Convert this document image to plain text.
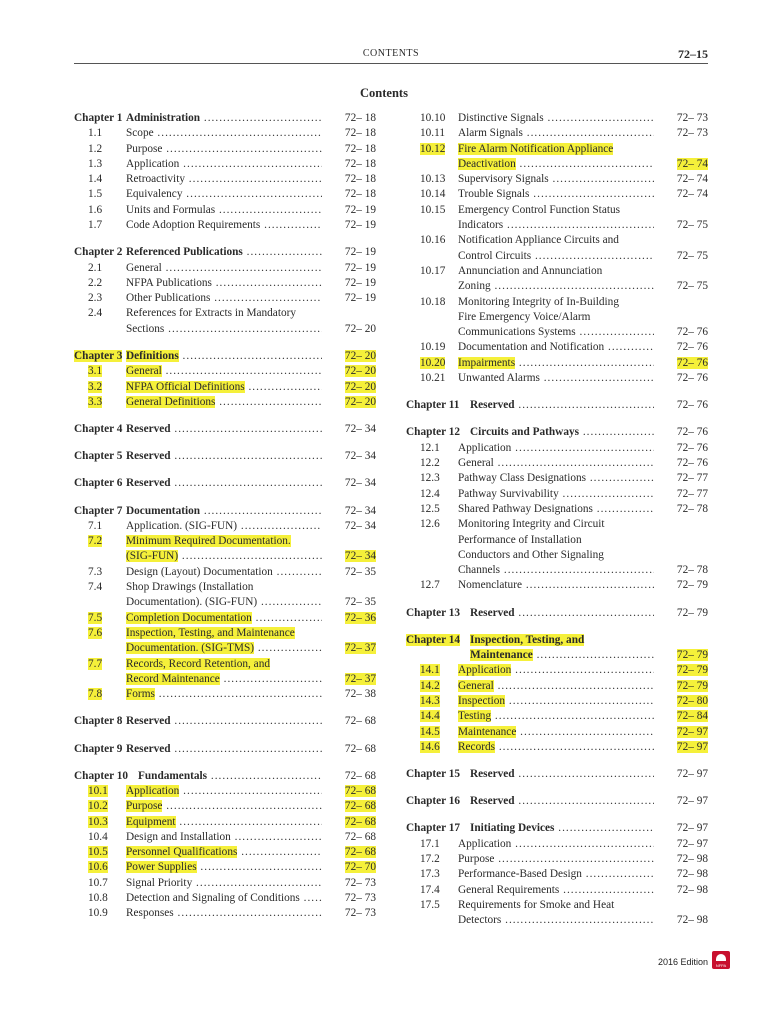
CONTENTS	72–15
Contents
Chapter 1 Administration .....	72– 18
1.1	Scope .....	72– 18
1.2	Purpose .....	72– 18
1.3	Application .....	72– 18
1.4	Retroactivity .....	72– 18
1.5	Equivalency .....	72– 18
1.6	Units and Formulas .....	72– 19
1.7	Code Adoption Requirements .....	72– 19
Chapter 2 Referenced Publications .....	72– 19
2.1	General .....	72– 19
2.2	NFPA Publications .....	72– 19
2.3	Other Publications .....	72– 19
2.4	References for Extracts in Mandatory
Sections .....	72– 20
Chapter 3 Definitions .....	72– 20
3.1	General .....	72– 20
3.2	NFPA Official Definitions .....	72– 20
3.3	General Definitions .....	72– 20
Chapter 4 Reserved .....	72– 34
Chapter 5 Reserved .....	72– 34
Chapter 6 Reserved .....	72– 34
Chapter 7 Documentation .....	72– 34
7.1	Application. (SIG-FUN) .....	72– 34
7.2	Minimum Required Documentation.
(SIG-FUN) .....	72– 34
7.3	Design (Layout) Documentation .....	72– 35
7.4	Shop Drawings (Installation
Documentation). (SIG-FUN) .....	72– 35
7.5	Completion Documentation .....	72– 36
7.6	Inspection, Testing, and Maintenance
Documentation. (SIG-TMS) .....	72– 37
7.7	Records, Record Retention, and
Record Maintenance .....	72– 37
7.8	Forms .....	72– 38
Chapter 8 Reserved .....	72– 68
Chapter 9 Reserved .....	72– 68
Chapter 10 Fundamentals .....	72– 68
10.1	Application .....	72– 68
10.2	Purpose .....	72– 68
10.3	Equipment .....	72– 68
10.4	Design and Installation .....	72– 68
10.5	Personnel Qualifications .....	72– 68
10.6	Power Supplies .....	72– 70
10.7	Signal Priority .....	72– 73
10.8	Detection and Signaling of Conditions .....	72– 73
10.9	Responses .....	72– 73
10.10	Distinctive Signals .....	72– 73
10.11	Alarm Signals .....	72– 73
10.12	Fire Alarm Notification Appliance
Deactivation .....	72– 74
10.13	Supervisory Signals .....	72– 74
10.14	Trouble Signals .....	72– 74
10.15	Emergency Control Function Status
Indicators .....	72– 75
10.16	Notification Appliance Circuits and
Control Circuits .....	72– 75
10.17	Annunciation and Annunciation
Zoning .....	72– 75
10.18	Monitoring Integrity of In-Building
Fire Emergency Voice/Alarm
Communications Systems .....	72– 76
10.19	Documentation and Notification .....	72– 76
10.20	Impairments .....	72– 76
10.21	Unwanted Alarms .....	72– 76
Chapter 11 Reserved .....	72– 76
Chapter 12 Circuits and Pathways .....	72– 76
12.1	Application .....	72– 76
12.2	General .....	72– 76
12.3	Pathway Class Designations .....	72– 77
12.4	Pathway Survivability .....	72– 77
12.5	Shared Pathway Designations .....	72– 78
12.6	Monitoring Integrity and Circuit
Performance of Installation
Conductors and Other Signaling
Channels .....	72– 78
12.7	Nomenclature .....	72– 79
Chapter 13 Reserved .....	72– 79
Chapter 14 Inspection, Testing, and
Maintenance .....	72– 79
14.1	Application .....	72– 79
14.2	General .....	72– 79
14.3	Inspection .....	72– 80
14.4	Testing .....	72– 84
14.5	Maintenance .....	72– 97
14.6	Records .....	72– 97
Chapter 15 Reserved .....	72– 97
Chapter 16 Reserved .....	72– 97
Chapter 17 Initiating Devices .....	72– 97
17.1	Application .....	72– 97
17.2	Purpose .....	72– 98
17.3	Performance-Based Design .....	72– 98
17.4	General Requirements .....	72– 98
17.5	Requirements for Smoke and Heat
Detectors .....	72– 98
2016 Edition
NFPA
